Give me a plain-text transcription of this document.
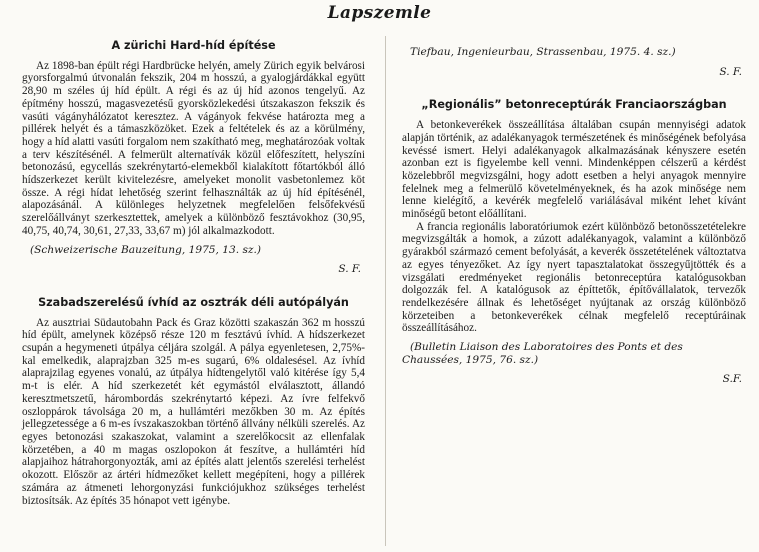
Lapszemle
A zürichi Hard-híd építése

Az 1898-ban épült régi Hardbrücke helyén, amely Zürich egyik belvárosi gyorsforgalmú útvonalán fekszik, 204 m hosszú, a gyalogjárdákkal együtt 28,90 m széles új híd épült. A régi és az új híd azonos tengelyű. Az építmény hosszú, magasvezetésű gyorsközlekedési útszakaszon fekszik és vasúti vágányhálózatot keresztez. A vágányok fekvése határozta meg a pillérek helyét és a támaszközöket. Ezek a feltételek és az a körülmény, hogy a híd alatti vasúti forgalom nem szakítható meg, meghatározóak voltak a terv készítésénél. A felmerült alternatívák közül előfeszített, helyszíni betonozású, egycellás szekrénytartó-elemekből kialakított főtartókból álló hídszerkezet került kivitelezésre, amelyeket monolit vasbetonlemez köt össze. A régi hídat lehetőség szerint felhasználták az új híd építésénél, alapozásánál. A különleges helyzetnek megfelelően felsőfekvésű szerelőállványt szerkesztettek, amelyek a különböző fesztávokhoz (30,95, 40,75, 40,74, 30,61, 27,33, 33,67 m) jól alkalmazkodott.

(Schweizerische Bauzeitung, 1975, 13. sz.)
S. F.
Szabadszerelésű ívhíd az osztrák déli autópályán

Az ausztriai Südautobahn Pack és Graz közötti szakaszán 362 m hosszú híd épült, amelynek középső része 120 m fesztávú ívhíd. A hídszerkezet csupán a hegymeneti útpálya céljára szolgál. A pálya egyenletesen, 2,75%-kal emelkedik, alaprajzban 325 m-es sugarú, 6% oldalesésel. Az ívhíd alaprajzilag egyenes vonalú, az útpálya hídtengelytől való kitérése így 5,4 m-t is elér. A híd szerkezetét két egymástól elválasztott, állandó keresztmetszetű, hárombordás szekrénytartó képezi. Az ívre felfekvő oszloppárok távolsága 20 m, a hullámtéri mezőkben 30 m. Az építés jellegzetessége a 6 m-es ívszakaszokban történő állvány nélküli szerelés. Az egyes betonozási szakaszokat, valamint a szerelőkocsit az ellenfalak körzetében, a 40 m magas oszlopokon át feszítve, a hullámtéri híd alapjaihoz hátrahorgonyozták, ami az építés alatt jelentős szerelési terhelést okozott. Először az ártéri hídmezőket kellett megépíteni, hogy a pillérek számára az átmeneti lehorgonyzási funkciójukhoz szükséges terhelést biztosítsák. Az építés 35 hónapot vett igénybe.

Tiefbau, Ingenieurbau, Strassenbau, 1975. 4. sz.)
S. F.
„Regionális” betonreceptúrák Franciaországban

A betonkeverékek összeállítása általában csupán mennyiségi adatok alapján történik, az adalékanyagok természetének és minőségének befolyása kevéssé ismert. Helyi adalékanyagok alkalmazásának kényszere esetén azonban ezt is figyelembe kell venni. Mindenképpen célszerű a kérdést közelebbről megvizsgálni, hogy adott esetben a helyi anyagok mennyire felelnek meg a felmerülő követelményeknek, és ha azok minősége nem lenne kielégítő, a kevérék megfelelő variálásával miként lehet kívánt minőségű betont előállítani.

A francia regionális laboratóriumok ezért különböző betonösszetételekre megvizsgálták a homok, a zúzott adalékanyagok, valamint a különböző gyárakból származó cement befolyását, a keverék összetételének változtatva az egyes tényezőket. Az így nyert tapasztalatokat összegyűjtötték és a vizsgálati eredményeket regionális betonreceptúra katalógusokban dolgozzák fel. A katalógusok az építtetők, építővállalatok, tervezők rendelkezésére állnak és lehetőséget nyújtanak az ország különböző körzeteiben a betonkeverékek célnak megfelelő receptúráinak összeállításához.

(Bulletin Liaison des Laboratoires des Ponts et des Chaussées, 1975, 76. sz.)
S.F.
